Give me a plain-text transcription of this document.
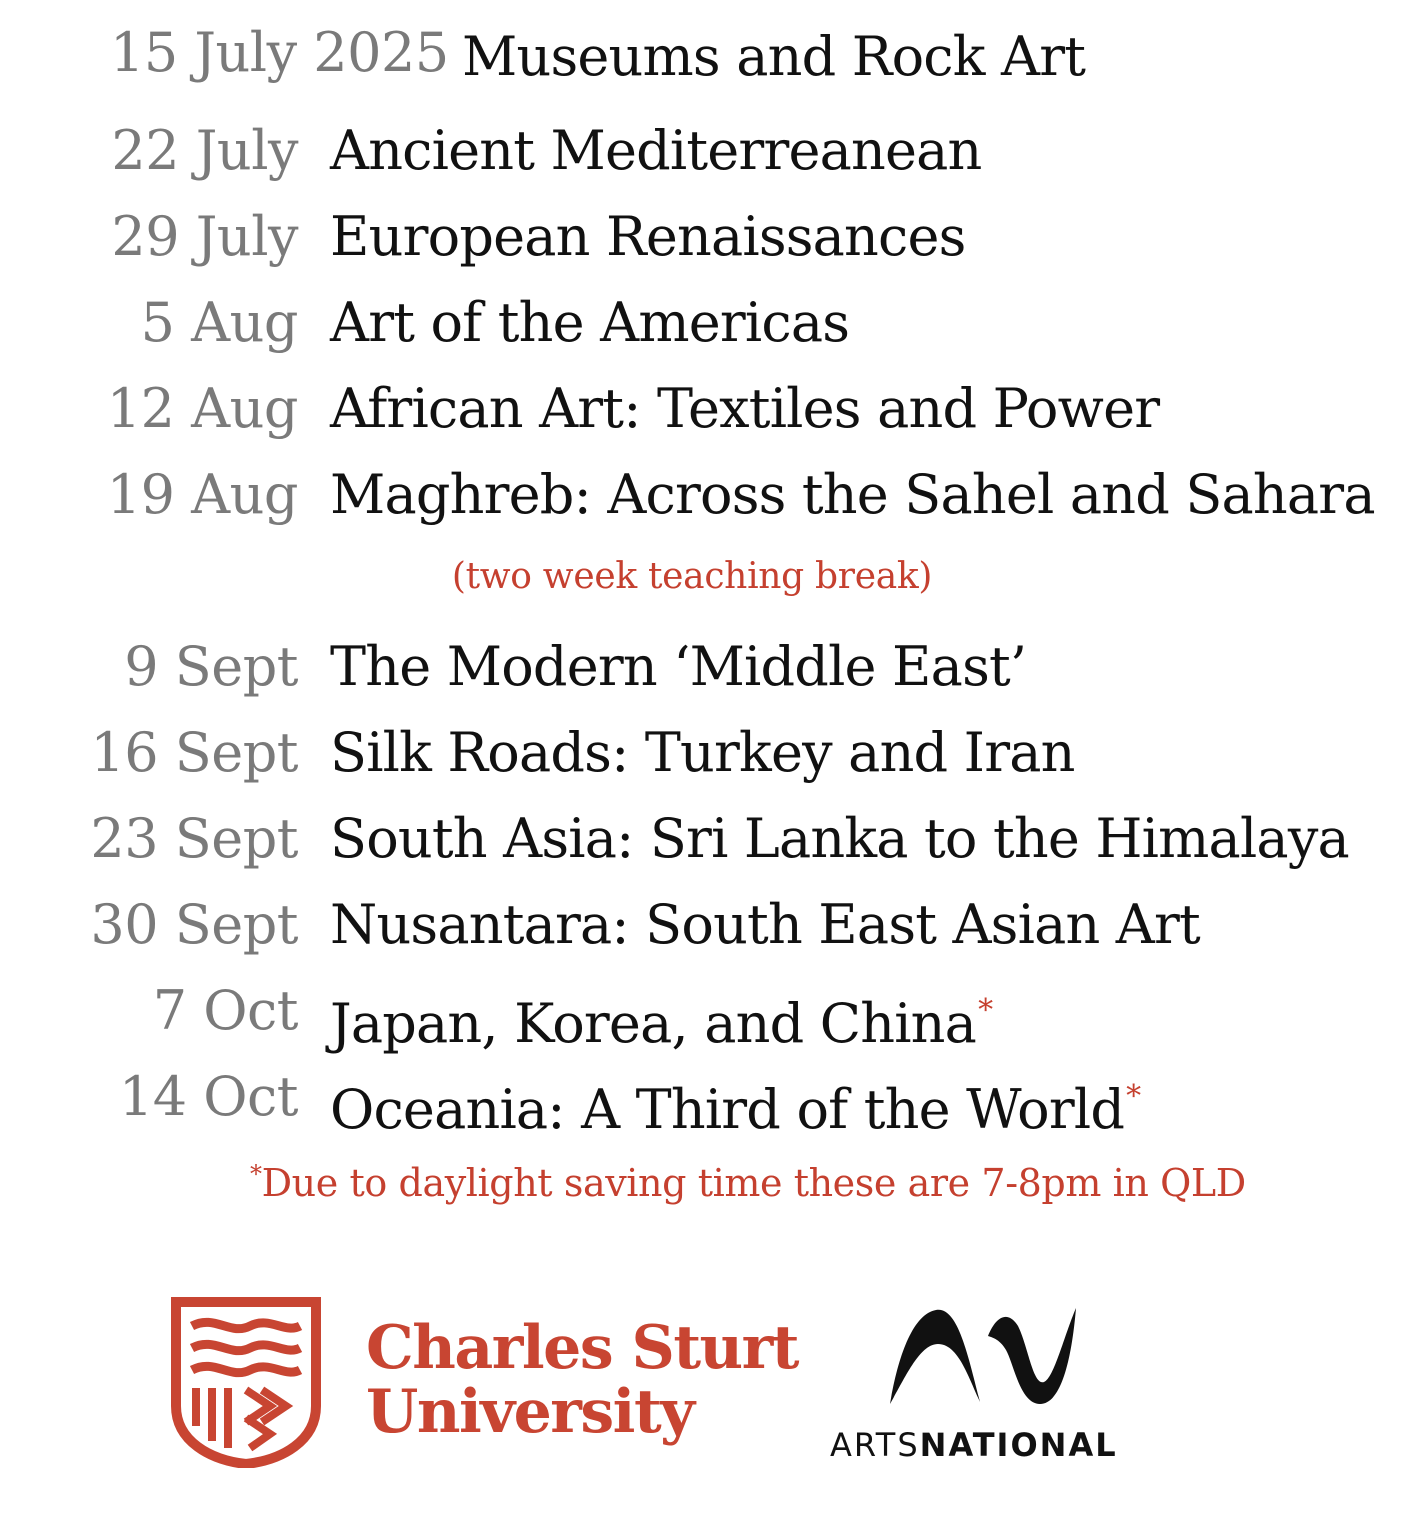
15 July 2025 Museums and Rock Art
22 July Ancient Mediterreanean
29 July European Renaissances
5 Aug Art of the Americas
12 Aug African Art: Textiles and Power
19 Aug Maghreb: Across the Sahel and Sahara
(two week teaching break)
9 Sept The Modern ‘Middle East’
16 Sept Silk Roads: Turkey and Iran
23 Sept South Asia: Sri Lanka to the Himalaya
30 Sept Nusantara: South East Asian Art
7 Oct Japan, Korea, and China*
14 Oct Oceania: A Third of the World*
*Due to daylight saving time these are 7-8pm in QLD
Charles Sturt
University	ARTSNATIONAL
